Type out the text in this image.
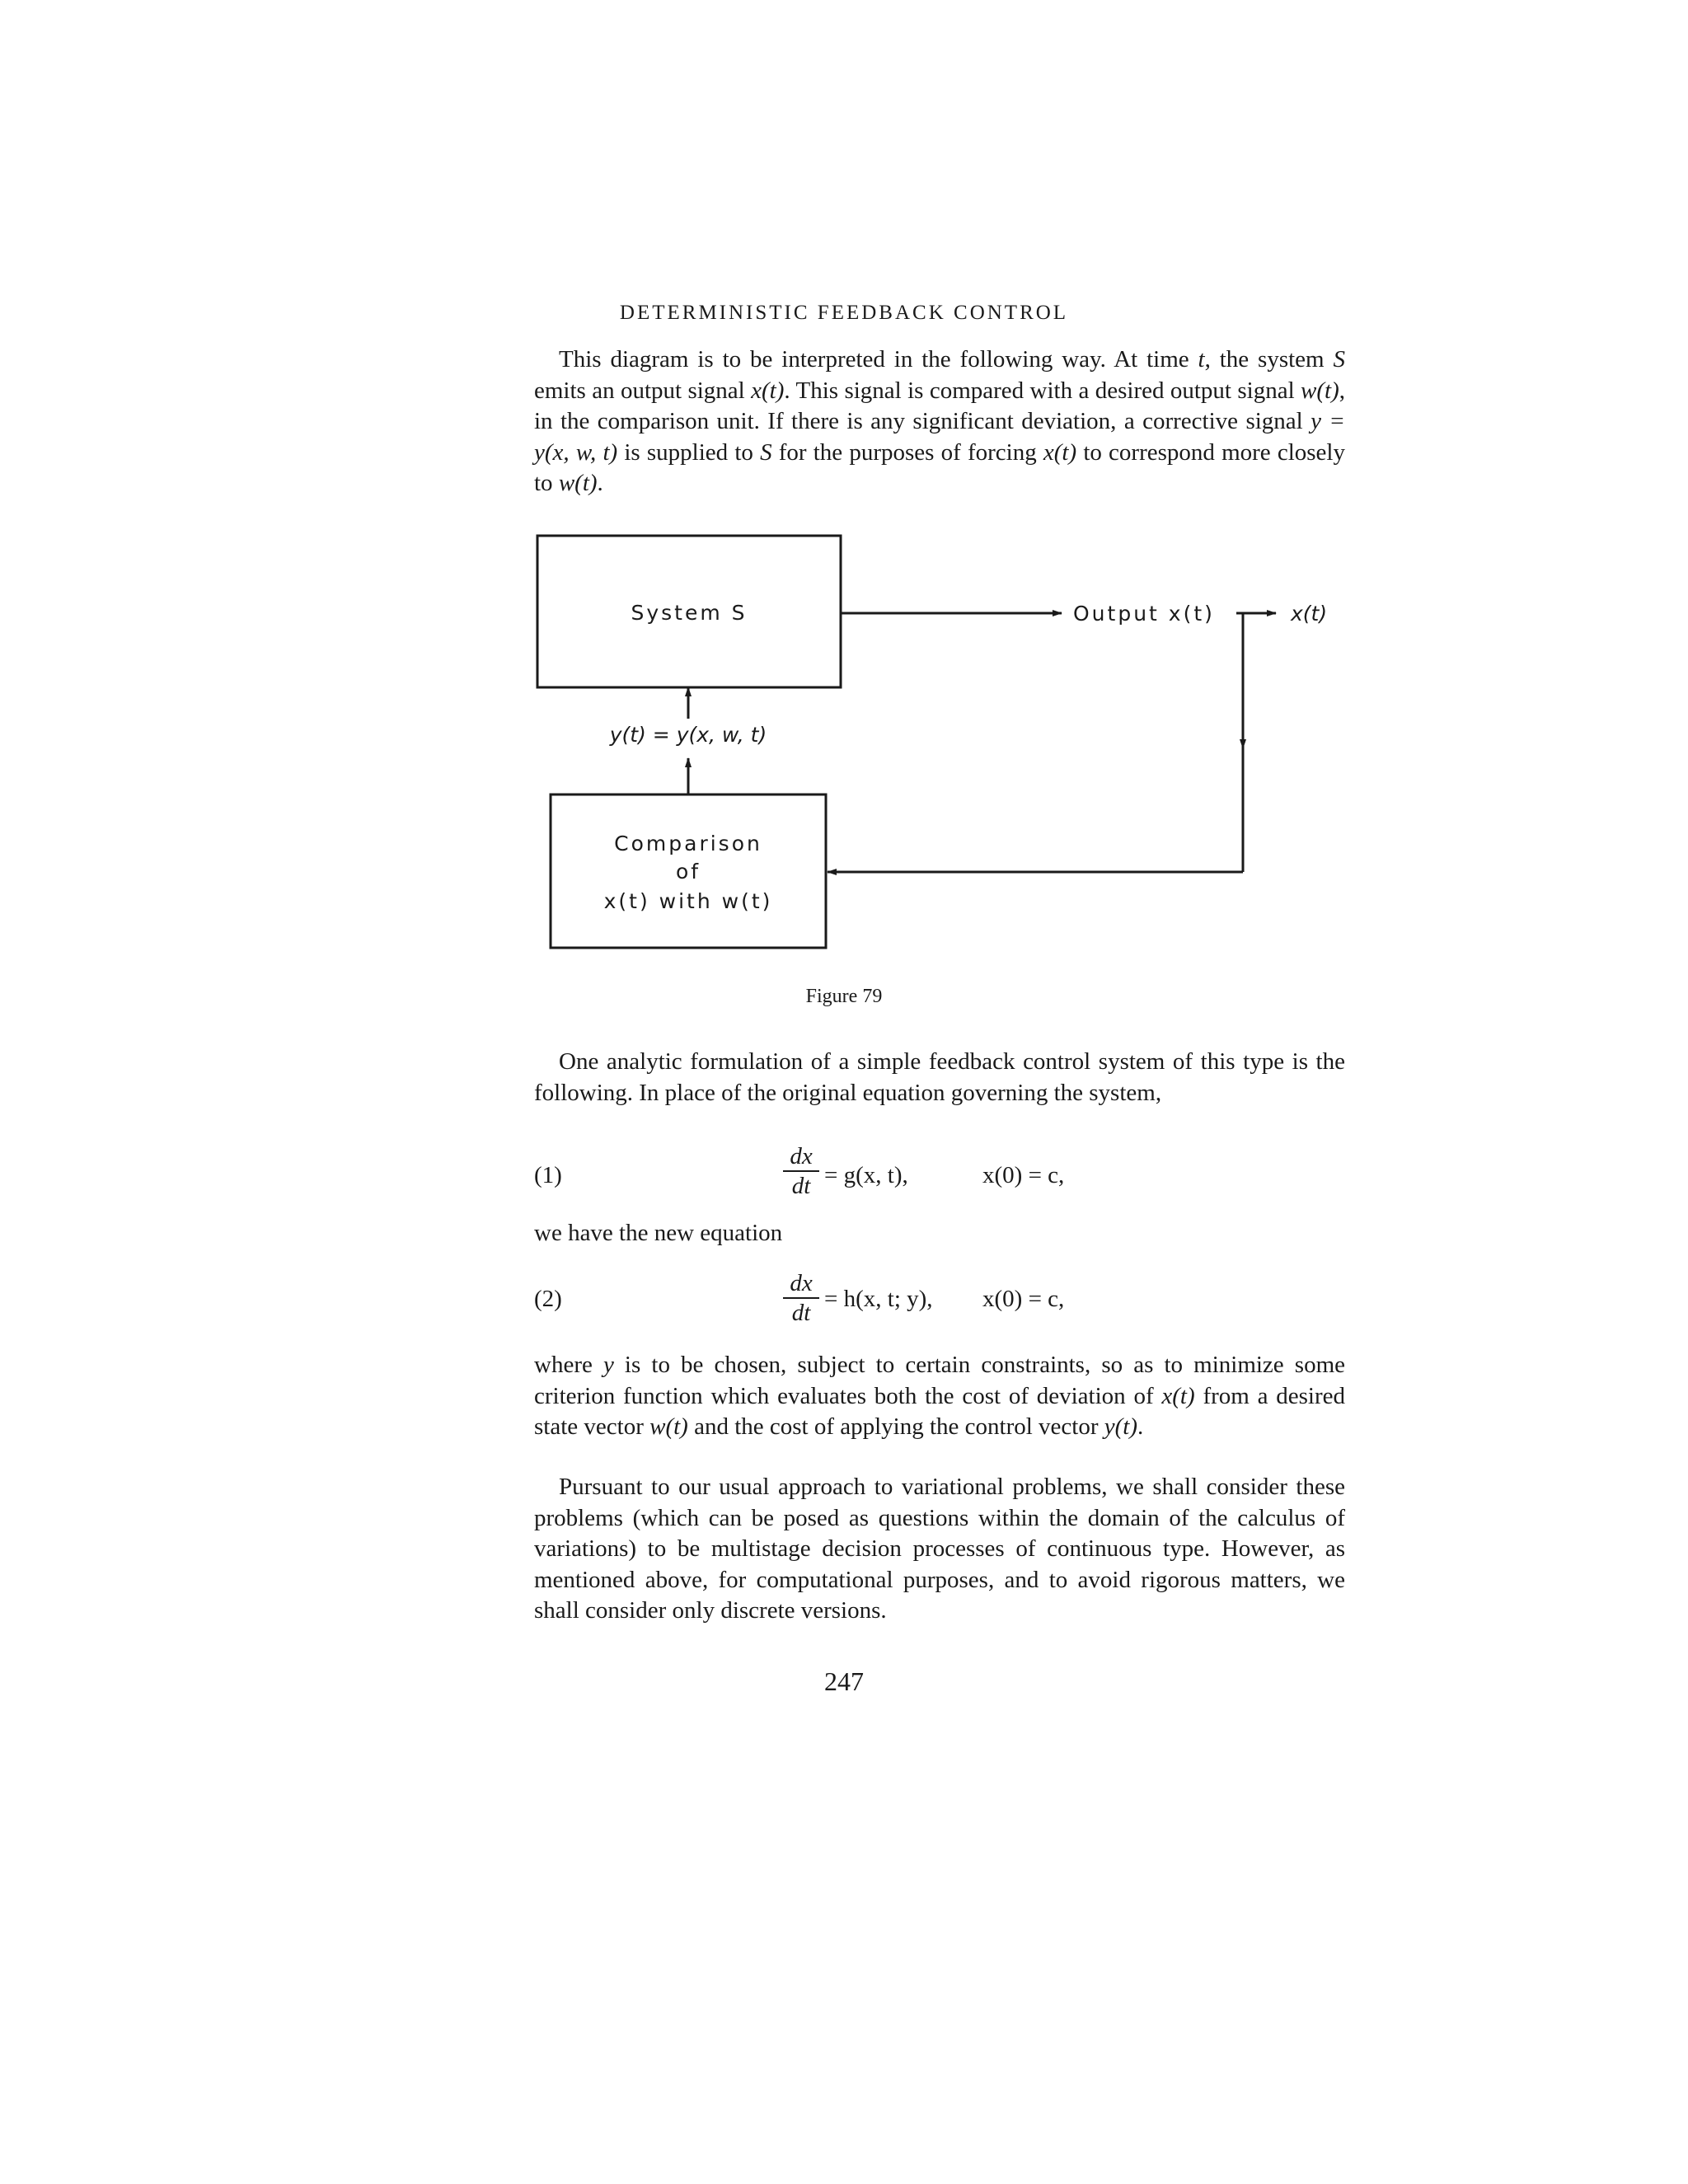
DETERMINISTIC FEEDBACK CONTROL
This diagram is to be interpreted in the following way. At time t, the system S emits an output signal x(t). This signal is compared with a desired output signal w(t), in the comparison unit. If there is any significant deviation, a corrective signal y = y(x, w, t) is supplied to S for the purposes of forcing x(t) to correspond more closely to w(t).
System S	Output x(t)	x(t)
Comparison
of
x(t) with w(t)
y(t) = y(x, w, t)
Figure 79
One analytic formulation of a simple feedback control system of this type is the following. In place of the original equation governing the system,
(1)	$\frac{dx}{dt} = g(x$, t),	x(0) = c,
we have the new equation
(2)	$\frac{dx}{dt} = h(x$, t; y), x(0) = c,
where y is to be chosen, subject to certain constraints, so as to minimize some criterion function which evaluates both the cost of deviation of x(t) from a desired state vector w(t) and the cost of applying the control vector y(t).
Pursuant to our usual approach to variational problems, we shall consider these problems (which can be posed as questions within the domain of the calculus of variations) to be multistage decision processes of continuous type. However, as mentioned above, for computational purposes, and to avoid rigorous matters, we shall consider only discrete versions.
247
